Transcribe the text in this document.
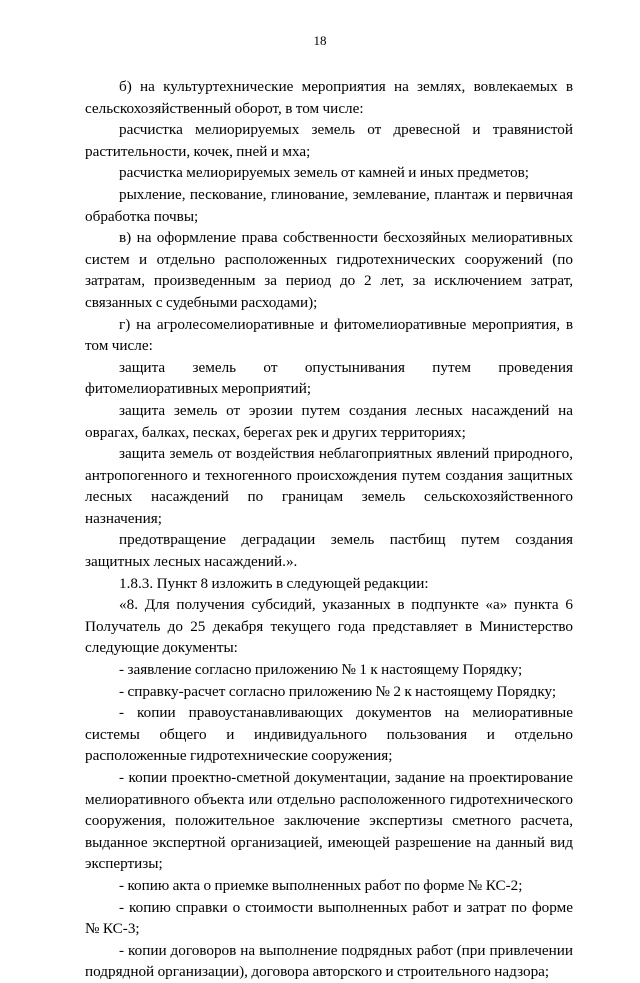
18

б) на культуртехнические мероприятия на землях, вовлекаемых в сельскохозяйственный оборот, в том числе:

расчистка мелиорируемых земель от древесной и травянистой растительности, кочек, пней и мха;

расчистка мелиорируемых земель от камней и иных предметов;

рыхление, пескование, глинование, землевание, плантаж и первичная обработка почвы;

в) на оформление права собственности бесхозяйных мелиоративных систем и отдельно расположенных гидротехнических сооружений (по затратам, произведенным за период до 2 лет, за исключением затрат, связанных с судебными расходами);

г) на агролесомелиоративные и фитомелиоративные мероприятия, в том числе:

защита земель от опустынивания путем проведения фитомелиоративных мероприятий;

защита земель от эрозии путем создания лесных насаждений на оврагах, балках, песках, берегах рек и других территориях;

защита земель от воздействия неблагоприятных явлений природного, антропогенного и техногенного происхождения путем создания защитных лесных насаждений по границам земель сельскохозяйственного назначения;

предотвращение деградации земель пастбищ путем создания защитных лесных насаждений.».

1.8.3. Пункт 8 изложить в следующей редакции:

«8. Для получения субсидий, указанных в подпункте «а» пункта 6 Получатель до 25 декабря текущего года представляет в Министерство следующие документы:

- заявление согласно приложению № 1 к настоящему Порядку;

- справку-расчет согласно приложению № 2 к настоящему Порядку;

- копии правоустанавливающих документов на мелиоративные системы общего и индивидуального пользования и отдельно расположенные гидротехнические сооружения;

- копии проектно-сметной документации, задание на проектирование мелиоративного объекта или отдельно расположенного гидротехнического сооружения, положительное заключение экспертизы сметного расчета, выданное экспертной организацией, имеющей разрешение на данный вид экспертизы;

- копию акта о приемке выполненных работ по форме № КС-2;

- копию справки о стоимости выполненных работ и затрат по форме № КС-3;

- копии договоров на выполнение подрядных работ (при привлечении подрядной организации), договора авторского и строительного надзора;
